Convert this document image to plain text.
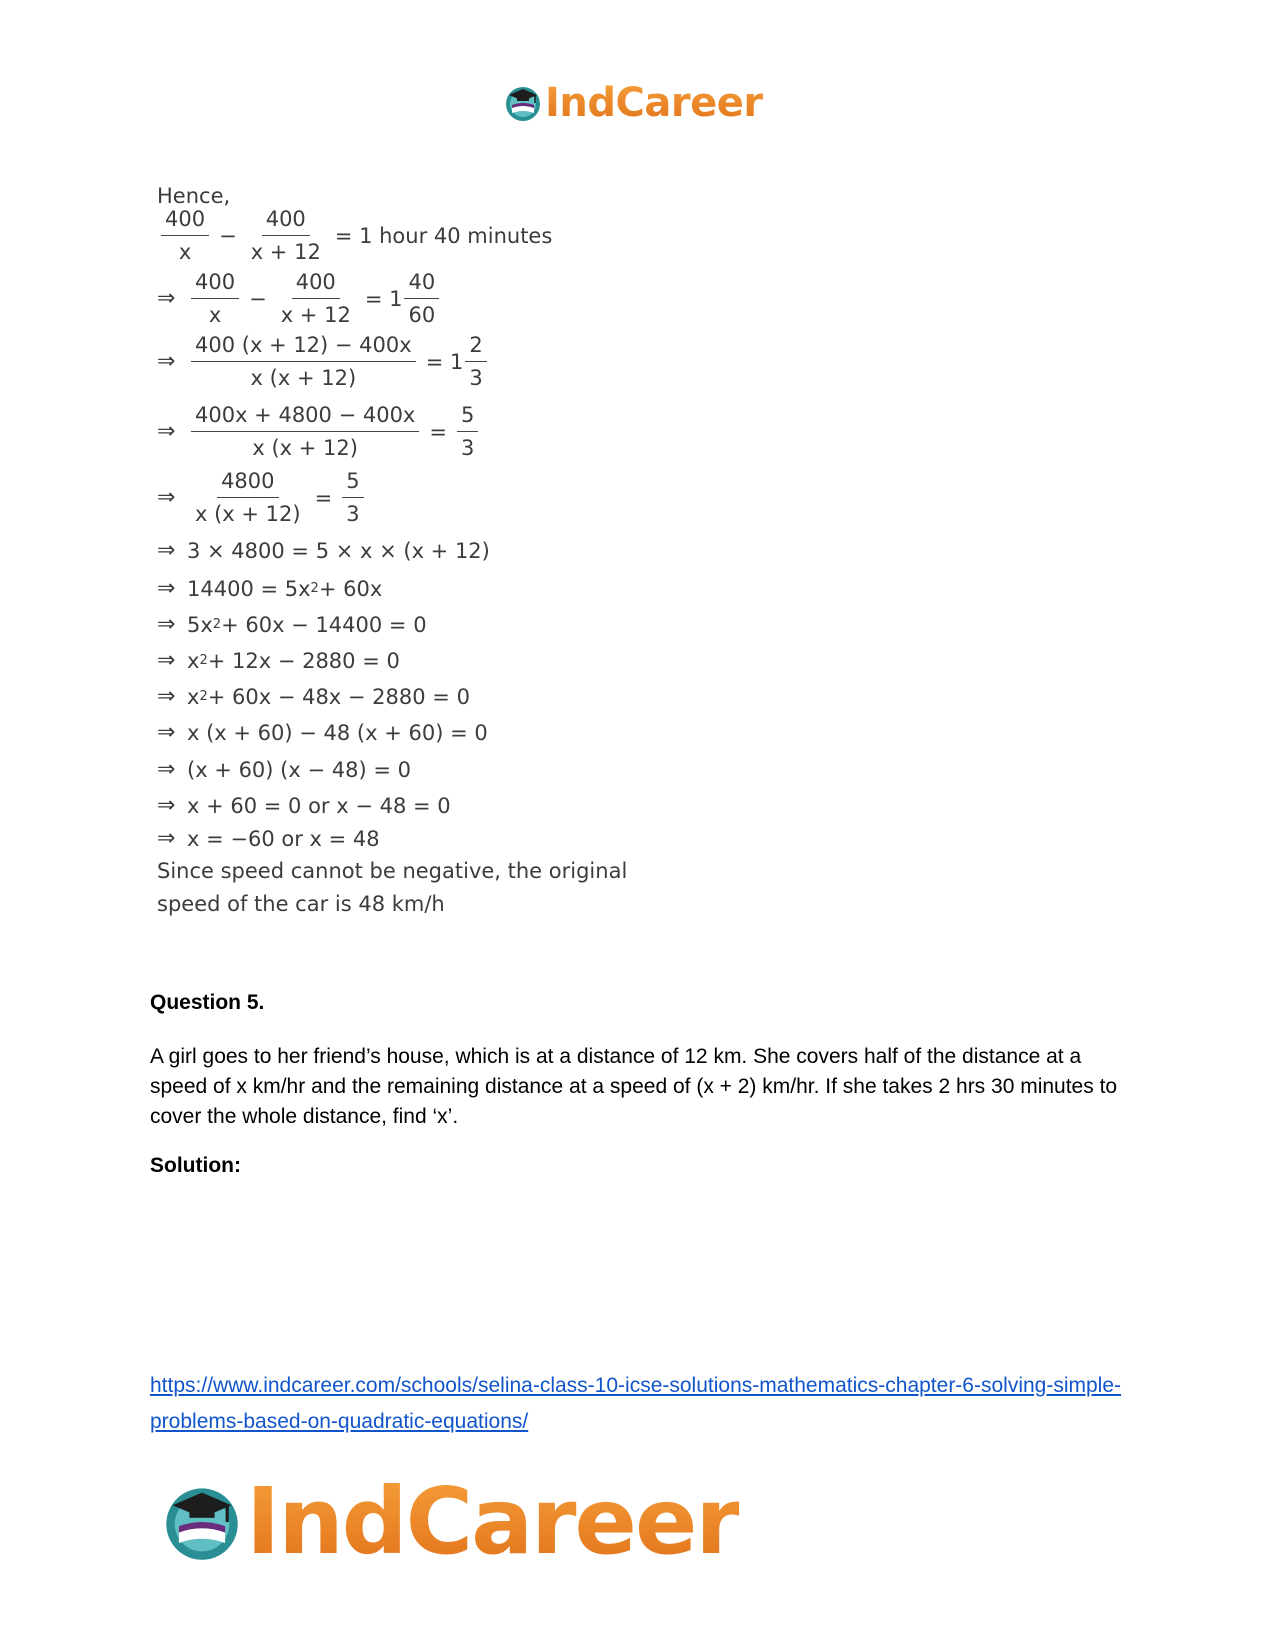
IndCareer
Hence,
$\frac{400}{x} - \frac{400}{x + 12} = 1$ hour 40 minutes
⇒ $\frac{400}{x} - \frac{400}{x + 12} = 1 \frac{40}{60}$
⇒ $\frac{400 (x + 12) - 400x}{x (x + 12)} = 1 \frac{2}{3}$
⇒ $\frac{400x + 4800 - 400x}{x (x + 12)} = \frac{5}{3}$
⇒ $\frac{4800}{x (x + 12)} = \frac{5}{3}$
⇒ 3 × 4800 = 5 × x × (x + 12)
⇒ 14400 = 5x 2 + 60x
⇒ 5x 2 + 60x − 14400 = 0
⇒ x 2 + 12x − 2880 = 0
⇒ x 2 + 60x − 48x − 2880 = 0
⇒ x (x + 60) − 48 (x + 60) = 0
⇒ (x + 60) (x − 48) = 0
⇒ x + 60 = 0 or x − 48 = 0
⇒ x = −60 or x = 48
Since speed cannot be negative, the original
speed of the car is 48 km/h
Question 5.
A girl goes to her friend’s house, which is at a distance of 12 km. She covers half of the distance at a speed of x km/hr and the remaining distance at a speed of (x + 2) km/hr. If she takes 2 hrs 30 minutes to cover the whole distance, find ‘x’.
Solution:
https://www.indcareer.com/schools/selina-class-10-icse-solutions-mathematics-chapter-6-solving-simple-problems-based-on-quadratic-equations/
IndCareer
